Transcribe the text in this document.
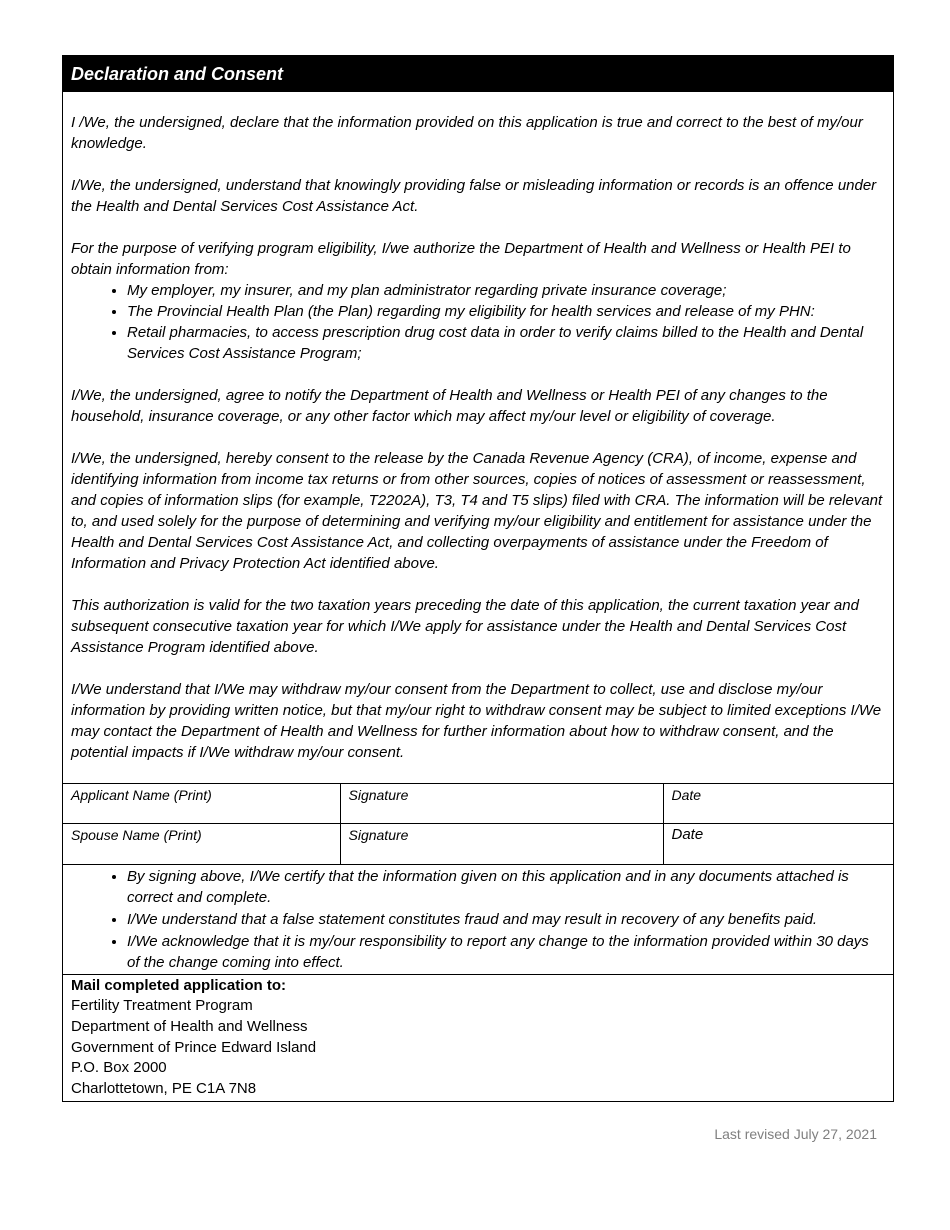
Declaration and Consent

I /We, the undersigned, declare that the information provided on this application is true and correct to the best of my/our knowledge.

I/We, the undersigned, understand that knowingly providing false or misleading information or records is an offence under the Health and Dental Services Cost Assistance Act.

For the purpose of verifying program eligibility, I/we authorize the Department of Health and Wellness or Health PEI to obtain information from:

• My employer, my insurer, and my plan administrator regarding private insurance coverage;
• The Provincial Health Plan (the Plan) regarding my eligibility for health services and release of my PHN:
• Retail pharmacies, to access prescription drug cost data in order to verify claims billed to the Health and Dental Services Cost Assistance Program;

I/We, the undersigned, agree to notify the Department of Health and Wellness or Health PEI of any changes to the household, insurance coverage, or any other factor which may affect my/our level or eligibility of coverage.

I/We, the undersigned, hereby consent to the release by the Canada Revenue Agency (CRA), of income, expense and identifying information from income tax returns or from other sources, copies of notices of assessment or reassessment, and copies of information slips (for example, T2202A), T3, T4 and T5 slips) filed with CRA. The information will be relevant to, and used solely for the purpose of determining and verifying my/our eligibility and entitlement for assistance under the Health and Dental Services Cost Assistance Act, and collecting overpayments of assistance under the Freedom of Information and Privacy Protection Act identified above.

This authorization is valid for the two taxation years preceding the date of this application, the current taxation year and subsequent consecutive taxation year for which I/We apply for assistance under the Health and Dental Services Cost Assistance Program identified above.

I/We understand that I/We may withdraw my/our consent from the Department to collect, use and disclose my/our information by providing written notice, but that my/our right to withdraw consent may be subject to limited exceptions I/We may contact the Department of Health and Wellness for further information about how to withdraw consent, and the potential impacts if I/We withdraw my/our consent.

Applicant Name (Print)	Signature	Date
Spouse Name (Print)	Signature	Date
• By signing above, I/We certify that the information given on this application and in any documents attached is correct and complete.
• I/We understand that a false statement constitutes fraud and may result in recovery of any benefits paid.
• I/We acknowledge that it is my/our responsibility to report any change to the information provided within 30 days of the change coming into effect.
Mail completed application to:
Fertility Treatment Program
Department of Health and Wellness
Government of Prince Edward Island
P.O. Box 2000
Charlottetown, PE C1A 7N8
Last revised July 27, 2021
